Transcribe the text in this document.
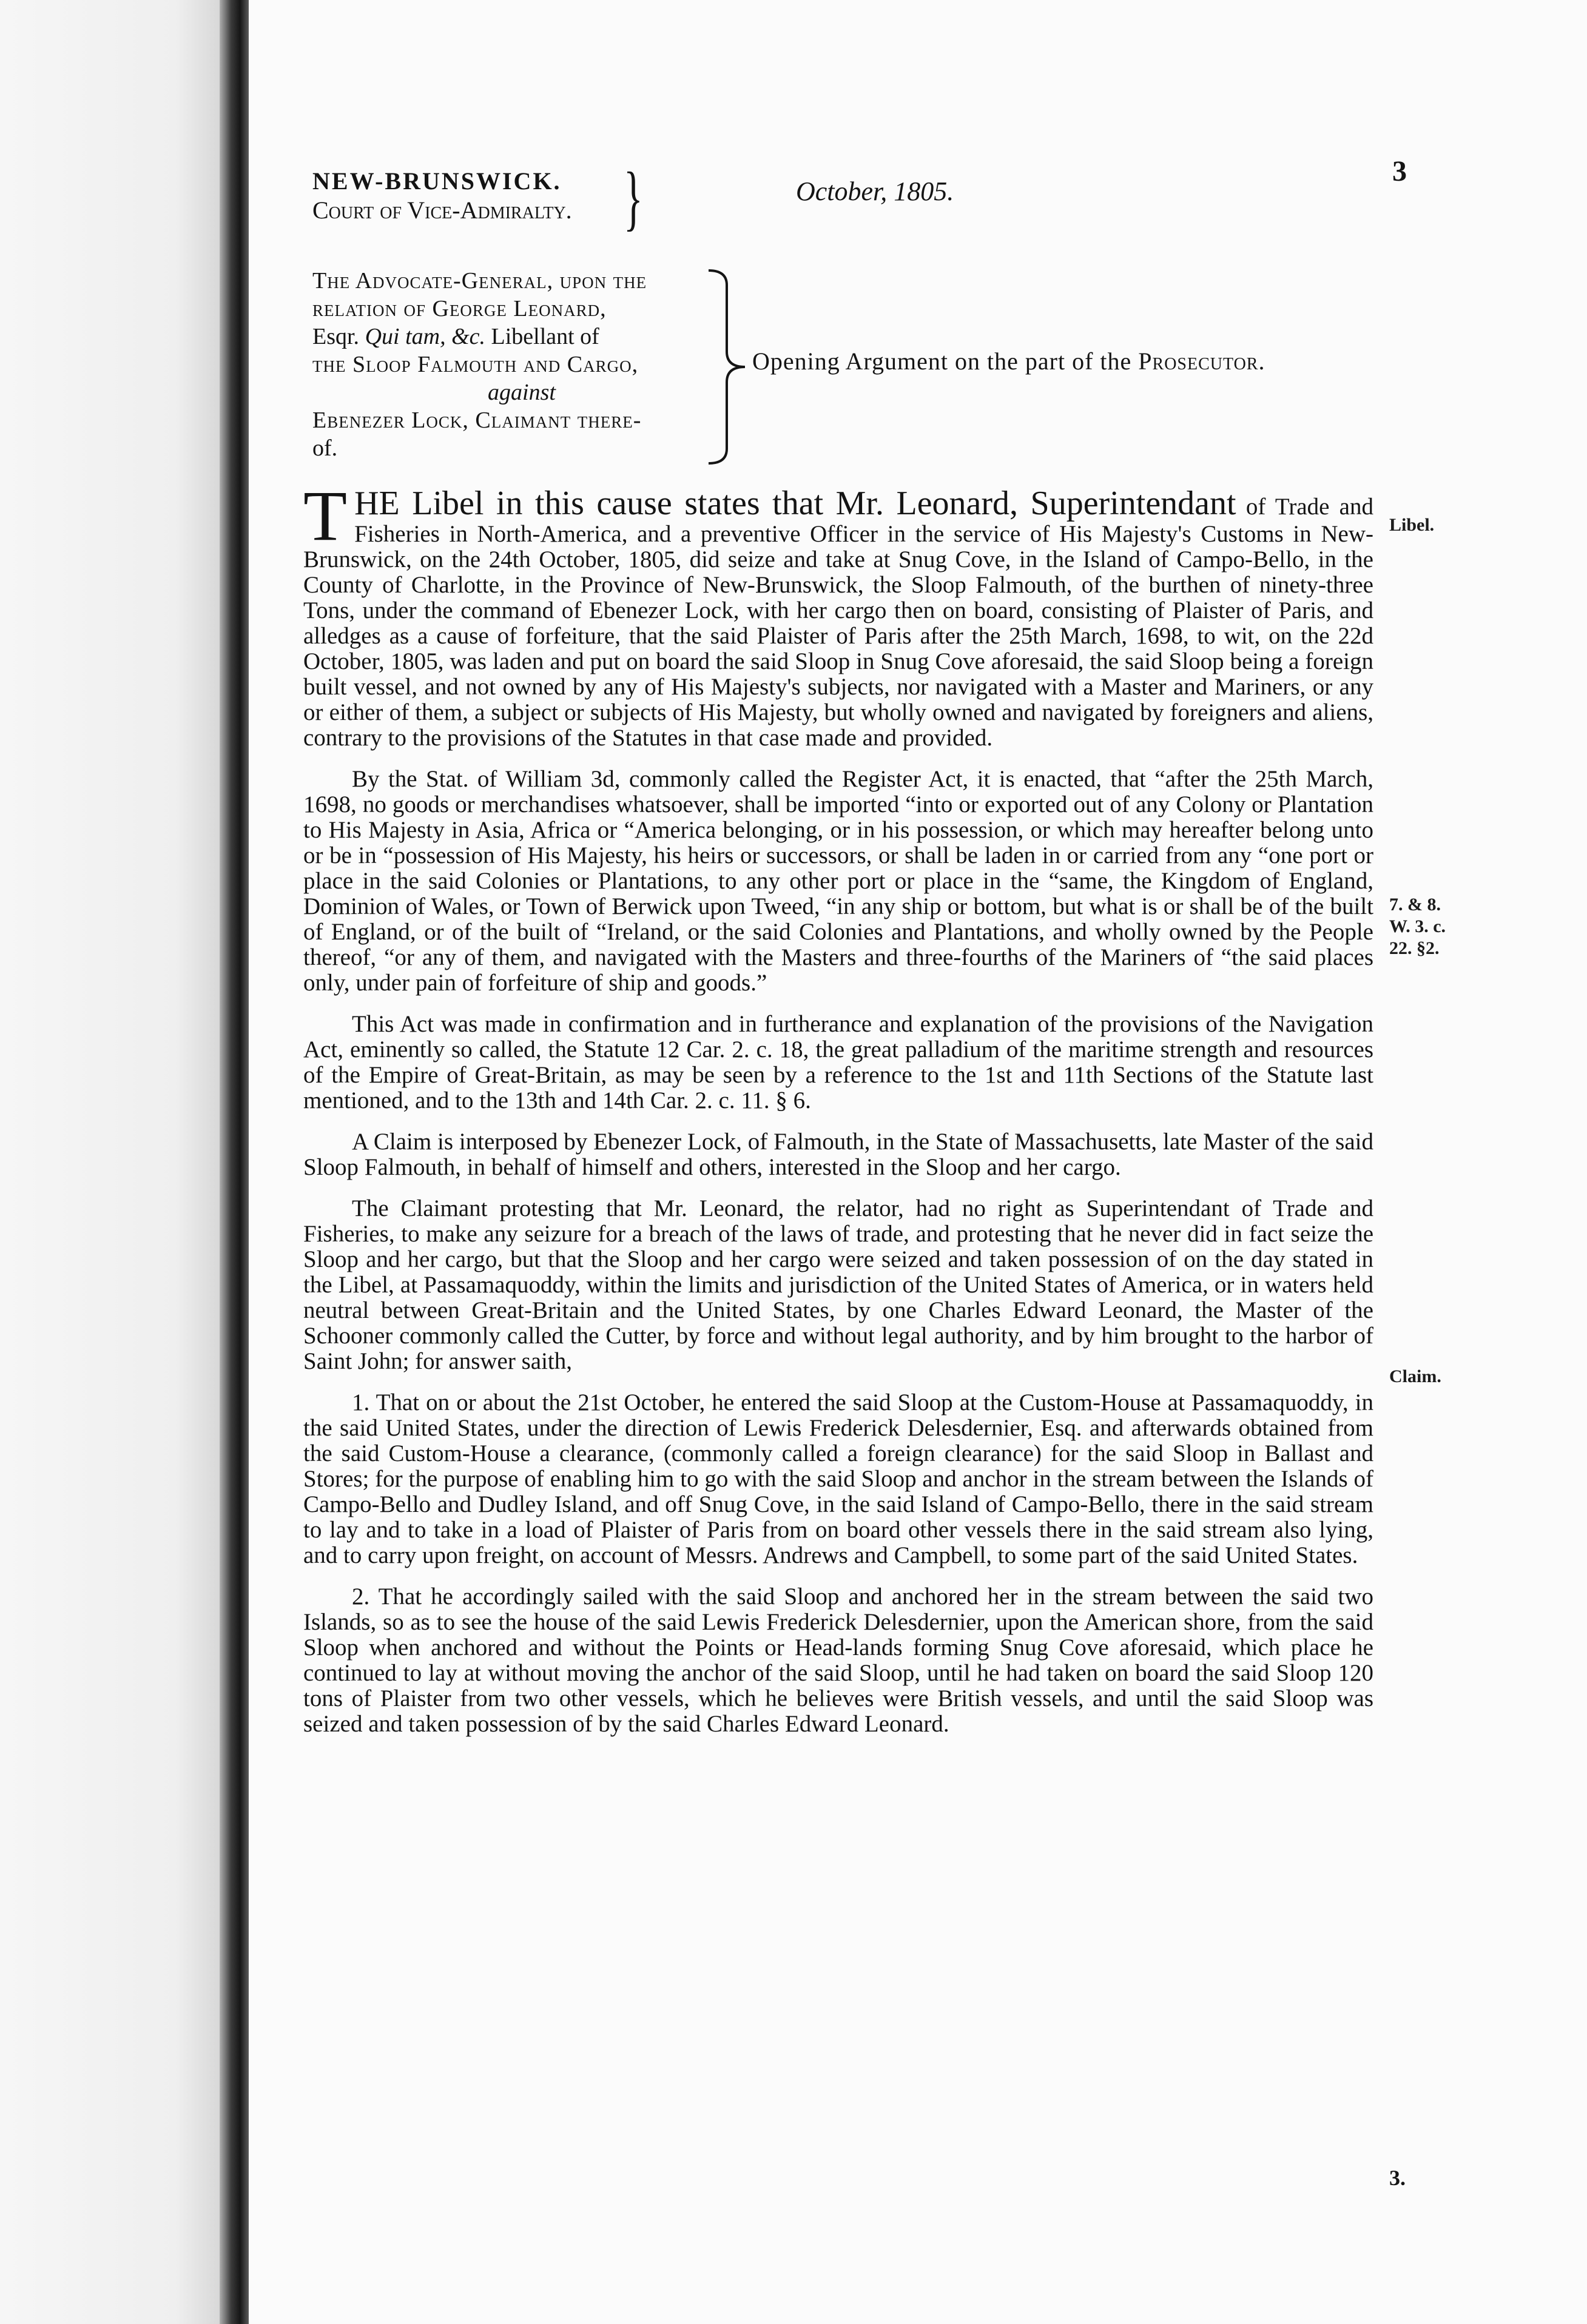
3
NEW-BRUNSWICK.
Court of Vice-Admiralty. }	October, 1805.
The Advocate-General, upon the
relation of George Leonard,
Esqr. Qui tam, &c. Libellant of
the Sloop Falmouth and Cargo,
against
Ebenezer Lock, Claimant there-
of.
Opening Argument on the part of the Prosecutor.
Libel.
7. & 8. W. 3. c. 22. §2.
Claim.

T HE Libel in this cause states that Mr. Leonard, Superintendant of Trade and Fisheries in North-America, and a preventive Officer in the service of His Majesty's Customs in New-Brunswick, on the 24th October, 1805, did seize and take at Snug Cove, in the Island of Campo-Bello, in the County of Charlotte, in the Province of New-Brunswick, the Sloop Falmouth, of the burthen of ninety-three Tons, under the command of Ebenezer Lock, with her cargo then on board, consisting of Plaister of Paris, and alledges as a cause of forfeiture, that the said Plaister of Paris after the 25th March, 1698, to wit, on the 22d October, 1805, was laden and put on board the said Sloop in Snug Cove aforesaid, the said Sloop being a foreign built vessel, and not owned by any of His Majesty's subjects, nor navigated with a Master and Mariners, or any or either of them, a subject or subjects of His Majesty, but wholly owned and navigated by foreigners and aliens, contrary to the provisions of the Statutes in that case made and provided.

By the Stat. of William 3d, commonly called the Register Act, it is enacted, that “after the 25th March, 1698, no goods or merchandises whatsoever, shall be imported “into or exported out of any Colony or Plantation to His Majesty in Asia, Africa or “America belonging, or in his possession, or which may hereafter belong unto or be in “possession of His Majesty, his heirs or successors, or shall be laden in or carried from any “one port or place in the said Colonies or Plantations, to any other port or place in the “same, the Kingdom of England, Dominion of Wales, or Town of Berwick upon Tweed, “in any ship or bottom, but what is or shall be of the built of England, or of the built of “Ireland, or the said Colonies and Plantations, and wholly owned by the People thereof, “or any of them, and navigated with the Masters and three-fourths of the Mariners of “the said places only, under pain of forfeiture of ship and goods.”

This Act was made in confirmation and in furtherance and explanation of the provisions of the Navigation Act, eminently so called, the Statute 12 Car. 2. c. 18, the great palladium of the maritime strength and resources of the Empire of Great-Britain, as may be seen by a reference to the 1st and 11th Sections of the Statute last mentioned, and to the 13th and 14th Car. 2. c. 11. § 6.

A Claim is interposed by Ebenezer Lock, of Falmouth, in the State of Massachusetts, late Master of the said Sloop Falmouth, in behalf of himself and others, interested in the Sloop and her cargo.

The Claimant protesting that Mr. Leonard, the relator, had no right as Superintendant of Trade and Fisheries, to make any seizure for a breach of the laws of trade, and protesting that he never did in fact seize the Sloop and her cargo, but that the Sloop and her cargo were seized and taken possession of on the day stated in the Libel, at Passamaquoddy, within the limits and jurisdiction of the United States of America, or in waters held neutral between Great-Britain and the United States, by one Charles Edward Leonard, the Master of the Schooner commonly called the Cutter, by force and without legal authority, and by him brought to the harbor of Saint John; for answer saith,

1. That on or about the 21st October, he entered the said Sloop at the Custom-House at Passamaquoddy, in the said United States, under the direction of Lewis Frederick Delesdernier, Esq. and afterwards obtained from the said Custom-House a clearance, (commonly called a foreign clearance) for the said Sloop in Ballast and Stores; for the purpose of enabling him to go with the said Sloop and anchor in the stream between the Islands of Campo-Bello and Dudley Island, and off Snug Cove, in the said Island of Campo-Bello, there in the said stream to lay and to take in a load of Plaister of Paris from on board other vessels there in the said stream also lying, and to carry upon freight, on account of Messrs. Andrews and Campbell, to some part of the said United States.

2. That he accordingly sailed with the said Sloop and anchored her in the stream between the said two Islands, so as to see the house of the said Lewis Frederick Delesdernier, upon the American shore, from the said Sloop when anchored and without the Points or Head-lands forming Snug Cove aforesaid, which place he continued to lay at without moving the anchor of the said Sloop, until he had taken on board the said Sloop 120 tons of Plaister from two other vessels, which he believes were British vessels, and until the said Sloop was seized and taken possession of by the said Charles Edward Leonard.

3.
